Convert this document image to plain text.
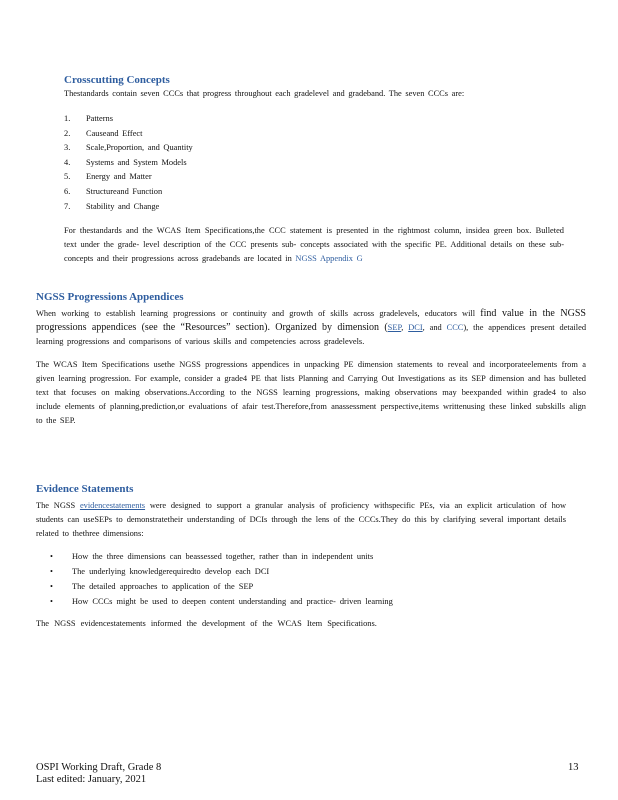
Crosscutting Concepts

Thestandards contain seven CCCs that progress throughout each gradelevel and gradeband. The seven CCCs are:

1.	Patterns
2.	Causeand Effect
3.	Scale,Proportion, and Quantity
4.	Systems and System Models
5.	Energy and Matter
6.	Structureand Function
7.	Stability and Change

For thestandards and the WCAS Item Specifications,the CCC statement is presented in the rightmost column, insidea green box. Bulleted text under the grade- level description of the CCC presents sub- concepts associated with the specific PE. Additional details on these sub- concepts and their progressions across gradebands are located in NGSS Appendix G

NGSS Progressions Appendices

When working to establish learning progressions or continuity and growth of skills across gradelevels, educators will find value in the NGSS progressions appendices (see the “Resources” section). Organized by dimension (SEP, DCI, and CCC), the appendices present detailed learning progressions and comparisons of various skills and competencies across gradelevels.

The WCAS Item Specifications usethe NGSS progressions appendices in unpacking PE dimension statements to reveal and incorporateelements from a given learning progression. For example, consider a grade4 PE that lists Planning and Carrying Out Investigations as its SEP dimension and has bulleted text that focuses on making observations.According to the NGSS learning progressions, making observations may beexpanded within grade4 to also include elements of planning,prediction,or evaluations of afair test.Therefore,from anassessment perspective,items writtenusing these linked subskills align to the SEP.

Evidence Statements

The NGSS evidencestatements were designed to support a granular analysis of proficiency withspecific PEs, via an explicit articulation of how students can useSEPs to demonstratetheir understanding of DCIs through the lens of the CCCs.They do this by clarifying several important details related to thethree dimensions:

•	How the three dimensions can beassessed together, rather than in independent units
•	The underlying knowledgerequiredto develop each DCI
•	The detailed approaches to application of the SEP
•	How CCCs might be used to deepen content understanding and practice- driven learning

The NGSS evidencestatements informed the development of the WCAS Item Specifications.

OSPI Working Draft, Grade 8
Last edited: January, 2021
13
